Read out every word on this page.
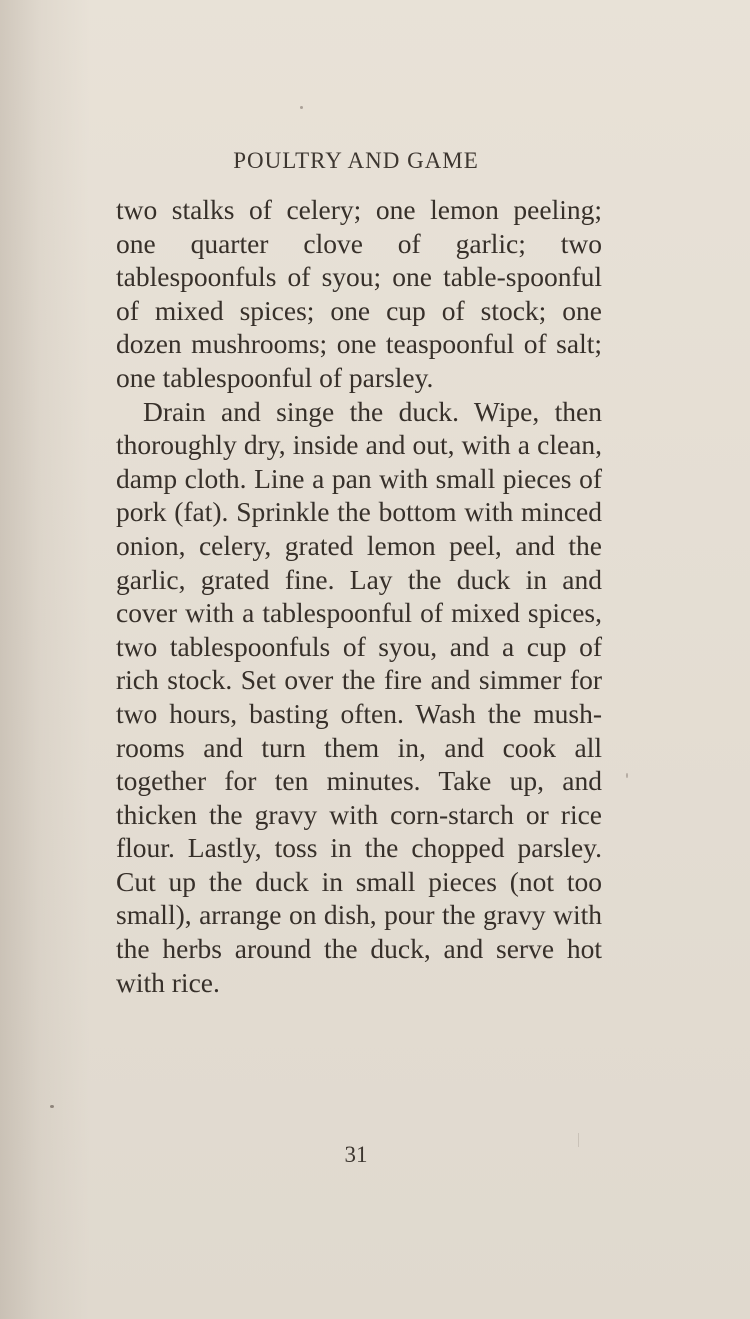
POULTRY AND GAME

two stalks of celery; one lemon peeling; one quarter clove of garlic; two tablespoonfuls of syou; one table-spoonful of mixed spices; one cup of stock; one dozen mushrooms; one teaspoonful of salt; one tablespoonful of parsley.

Drain and singe the duck. Wipe, then thoroughly dry, inside and out, with a clean, damp cloth. Line a pan with small pieces of pork (fat). Sprinkle the bottom with minced onion, celery, grated lemon peel, and the garlic, grated fine. Lay the duck in and cover with a tablespoonful of mixed spices, two tablespoonfuls of syou, and a cup of rich stock. Set over the fire and simmer for two hours, basting often. Wash the mush-rooms and turn them in, and cook all together for ten minutes. Take up, and thicken the gravy with corn-starch or rice flour. Lastly, toss in the chopped parsley. Cut up the duck in small pieces (not too small), arrange on dish, pour the gravy with the herbs around the duck, and serve hot with rice.

31
